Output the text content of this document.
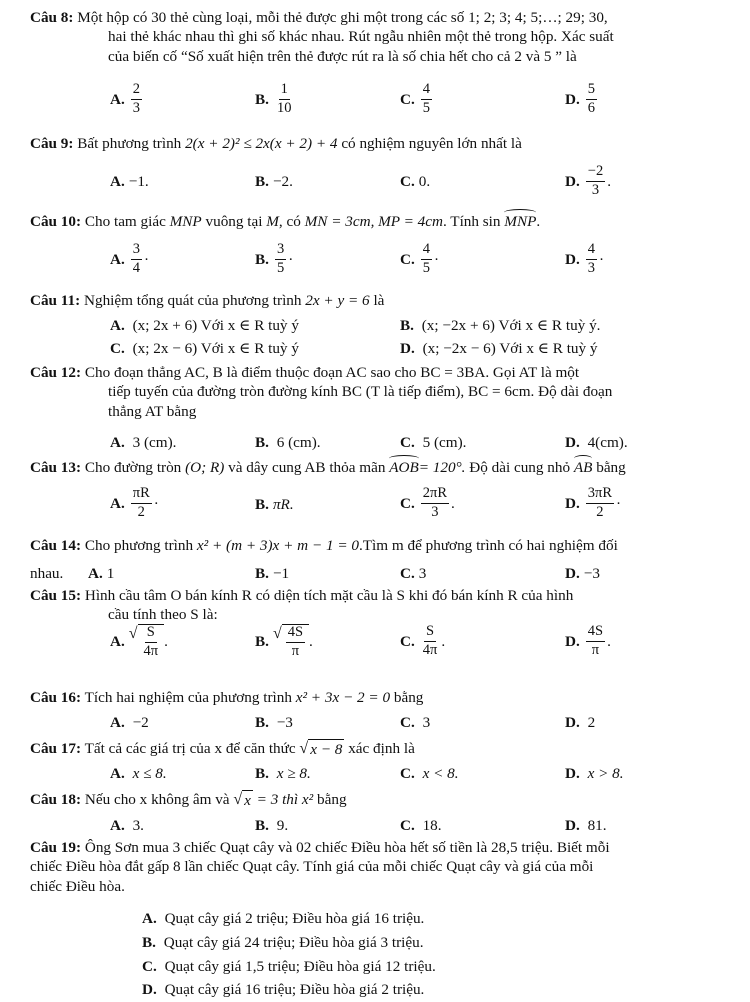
Câu 8: Một hộp có 30 thẻ cùng loại, mỗi thẻ được ghi một trong các số 1; 2; 3; 4; 5;…; 29; 30,
hai thẻ khác nhau thì ghi số khác nhau. Rút ngẫu nhiên một thẻ trong hộp. Xác suất
của biến cố “Số xuất hiện trên thẻ được rút ra là số chia hết cho cả 2 và 5 ” là
A. $\frac{2}{3}$	B. $\frac{1}{10}$	C. $\frac{4}{5}$	D. $\frac{5}{6}$
Câu 9: Bất phương trình 2(x + 2)² ≤ 2x(x + 2) + 4 có nghiệm nguyên lớn nhất là
A. −1.	B. −2.	C. 0.	D. $\frac{-2}{3}$ .
Câu 10: Cho tam giác MNP vuông tại M, có MN = 3cm, MP = 4cm. Tính sin MNP.
A. $\frac{3}{4}$ ·	B. $\frac{3}{5}$ ·	C. $\frac{4}{5}$ ·	D. $\frac{4}{3}$ ·
Câu 11: Nghiệm tổng quát của phương trình 2x + y = 6 là
A. (x; 2x + 6) Với x ∈ R tuỳ ý	B. (x; −2x + 6) Với x ∈ R tuỳ ý.
C. (x; 2x − 6) Với x ∈ R tuỳ ý	D. (x; −2x − 6) Với x ∈ R tuỳ ý
Câu 12: Cho đoạn thẳng AC, B là điểm thuộc đoạn AC sao cho BC = 3BA. Gọi AT là một
tiếp tuyến của đường tròn đường kính BC (T là tiếp điểm), BC = 6cm. Độ dài đoạn
thẳng AT bằng
A. 3 (cm).	B. 6 (cm).	C. 5 (cm).	D. 4(cm).
Câu 13: Cho đường tròn (O; R) và dây cung AB thỏa mãn AOB= 120°. Độ dài cung nhỏ AB bằng
A. $\frac{\pi R}{2}$ ·	B. πR.	C. $\frac{2\pi R}{3}$ .	D. $\frac{3\pi R}{2}$ ·
Câu 14: Cho phương trình x² + (m + 3)x + m − 1 = 0.Tìm m để phương trình có hai nghiệm đối
nhau. A. 1	B. −1	C. 3	D. −3
Câu 15: Hình cầu tâm O bán kính R có diện tích mặt cầu là S khi đó bán kính R của hình
cầu tính theo S là:
A. √ $\frac{S}{4\pi}$ .	B. √ $\frac{4S}{\pi}$ .	C. $\frac{S}{4\pi}$ .	D. $\frac{4S}{\pi}$ .
Câu 16: Tích hai nghiệm của phương trình x² + 3x − 2 = 0 bằng
A. −2	B. −3	C. 3	D. 2
Câu 17: Tất cả các giá trị của x để căn thức √ x − 8 xác định là
A. x ≤ 8.	B. x ≥ 8.	C. x < 8.	D. x > 8.
Câu 18: Nếu cho x không âm và √ x = 3 thì x² bằng
A. 3.	B. 9.	C. 18.	D. 81.
Câu 19: Ông Sơn mua 3 chiếc Quạt cây và 02 chiếc Điều hòa hết số tiền là 28,5 triệu. Biết mỗi
chiếc Điều hòa đắt gấp 8 lần chiếc Quạt cây. Tính giá của mỗi chiếc Quạt cây và giá của mỗi
chiếc Điều hòa.
A. Quạt cây giá 2 triệu; Điều hòa giá 16 triệu.
B. Quạt cây giá 24 triệu; Điều hòa giá 3 triệu.
C. Quạt cây giá 1,5 triệu; Điều hòa giá 12 triệu.
D. Quạt cây giá 16 triệu; Điều hòa giá 2 triệu.
